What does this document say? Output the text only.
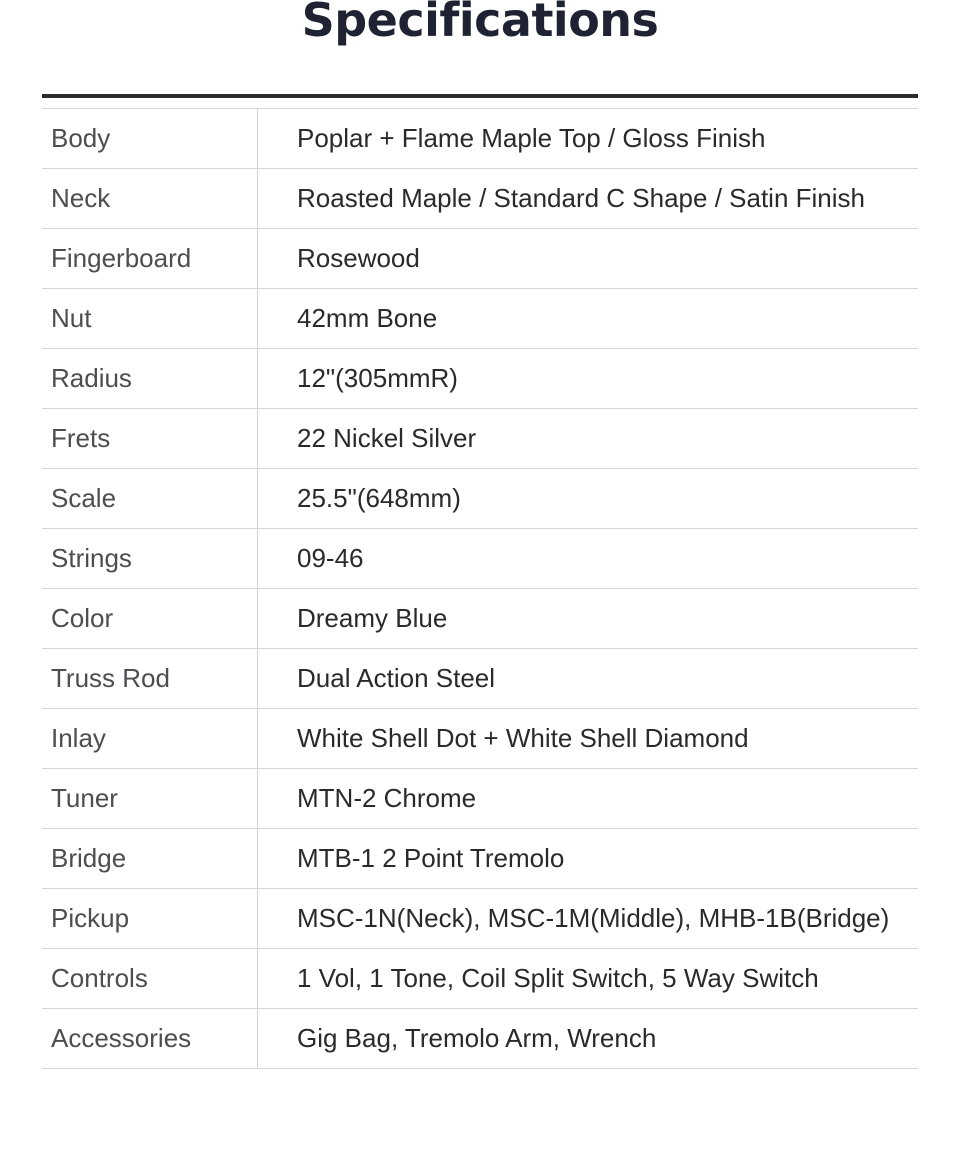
Specifications
Body	Poplar + Flame Maple Top / Gloss Finish
Neck	Roasted Maple / Standard C Shape / Satin Finish
Fingerboard	Rosewood
Nut	42mm Bone
Radius	12"(305mmR)
Frets	22 Nickel Silver
Scale	25.5"(648mm)
Strings	09-46
Color	Dreamy Blue
Truss Rod	Dual Action Steel
Inlay	White Shell Dot + White Shell Diamond
Tuner	MTN-2 Chrome
Bridge	MTB-1 2 Point Tremolo
Pickup	MSC-1N(Neck), MSC-1M(Middle), MHB-1B(Bridge)
Controls	1 Vol, 1 Tone, Coil Split Switch, 5 Way Switch
Accessories	Gig Bag, Tremolo Arm, Wrench
